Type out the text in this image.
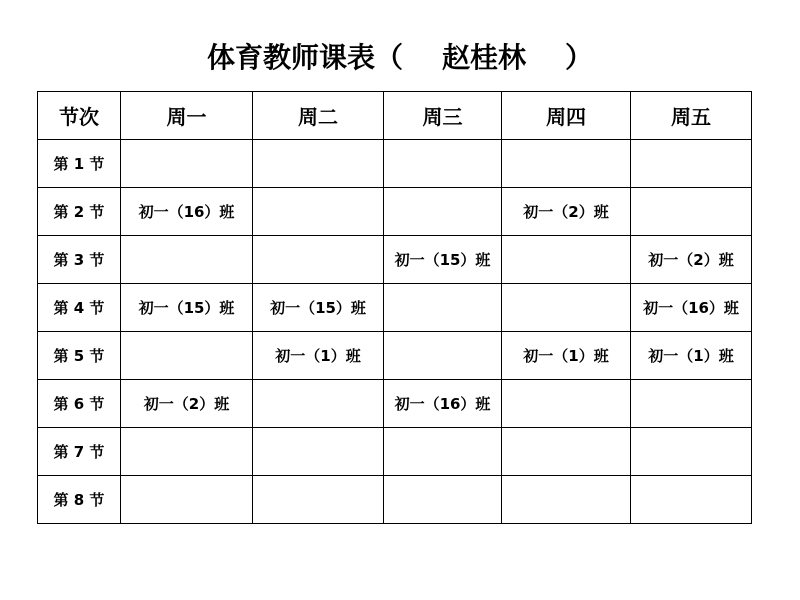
体育教师课表（    赵桂林    ）
节次	周一	周二	周三	周四	周五
第 1 节					
第 2 节	初一（16）班			初一（2）班	
第 3 节			初一（15）班		初一（2）班
第 4 节	初一（15）班	初一（15）班			初一（16）班
第 5 节		初一（1）班		初一（1）班	初一（1）班
第 6 节	初一（2）班		初一（16）班		
第 7 节					
第 8 节					
